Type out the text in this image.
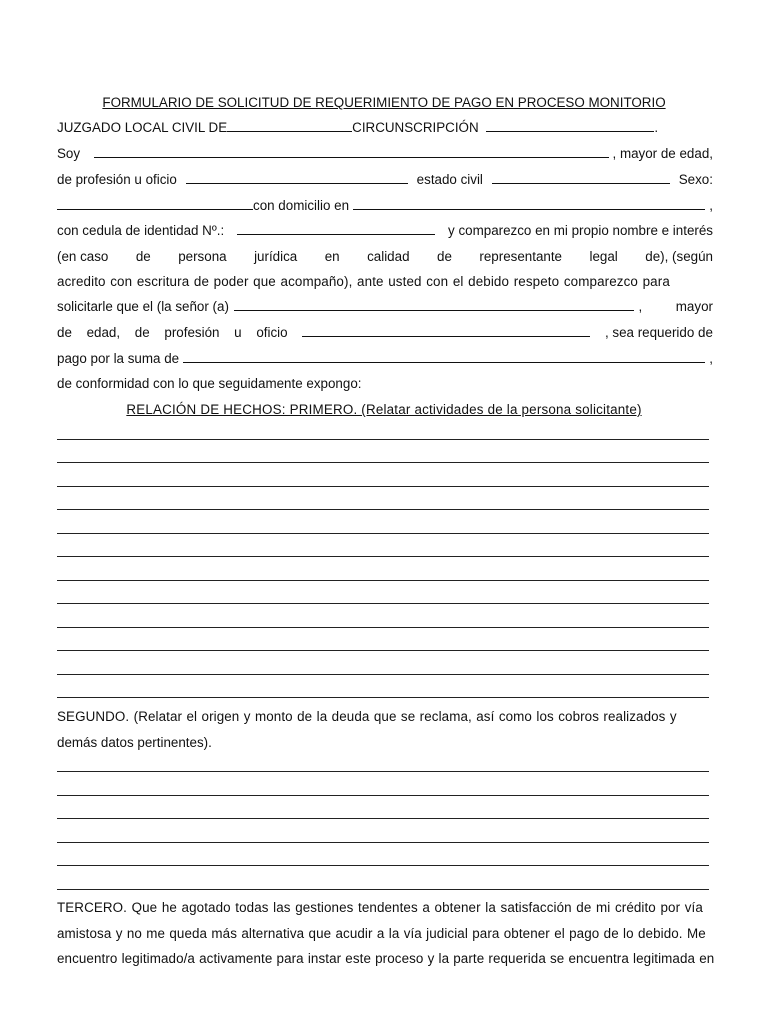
FORMULARIO DE SOLICITUD DE REQUERIMIENTO DE PAGO EN PROCESO MONITORIO

JUZGADO LOCAL CIVIL DE	CIRCUNSCRIPCIÓN	.

Soy	, mayor de edad,

de profesión u oficio	estado civil	Sexo:

con domicilio en	,

con cedula de identidad Nº.:	y comparezco en mi propio nombre e interés

(en caso de persona jurídica en calidad de representante legal de), (según

acredito con escritura de poder que acompaño), ante usted con el debido respeto comparezco para

solicitarle que el (la señor (a)	,	mayor

de edad, de profesión u oficio	, sea requerido de

pago por la suma de	,

de conformidad con lo que seguidamente expongo:

RELACIÓN DE HECHOS: PRIMERO. (Relatar actividades de la persona solicitante)

SEGUNDO. (Relatar el origen y monto de la deuda que se reclama, así como los cobros realizados y

demás datos pertinentes).

TERCERO. Que he agotado todas las gestiones tendentes a obtener la satisfacción de mi crédito por vía

amistosa y no me queda más alternativa que acudir a la vía judicial para obtener el pago de lo debido. Me

encuentro legitimado/a activamente para instar este proceso y la parte requerida se encuentra legitimada en
